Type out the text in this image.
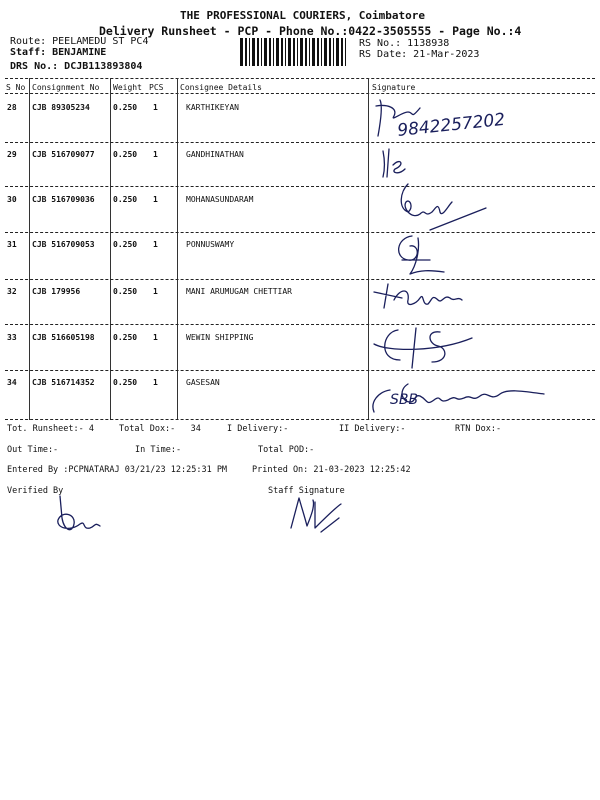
THE PROFESSIONAL COURIERS, Coimbatore
Delivery Runsheet - PCP - Phone No.:0422-3505555 - Page No.:4
Route: PEELAMEDU ST PC4
Staff: BENJAMINE
DRS No.: DCJB113893804
RS No.: 1138938
RS Date: 21-Mar-2023
S No Consignment No Weight PCS Consignee Details	Signature
28 CJB 89305234	0.250 1	KARTHIKEYAN
29 CJB 516709077 0.250 1	GANDHINATHAN
30 CJB 516709036 0.250 1	MOHANASUNDARAM
31 CJB 516709053 0.250 1	PONNUSWAMY
32 CJB 179956	0.250 1	MANI ARUMUGAM CHETTIAR
33 CJB 516605198 0.250 1	WEWIN SHIPPING
34 CJB 516714352 0.250 1	GASESAN
9842257202
SBB
Tot. Runsheet:- 4	Total Dox:-   34	I Delivery:-	II Delivery:-	RTN Dox:-
Out Time:-	In Time:-	Total POD:-
Entered By :PCPNATARAJ 03/21/23 12:25:31 PM	Printed On: 21-03-2023 12:25:42
Verified By	Staff Signature
